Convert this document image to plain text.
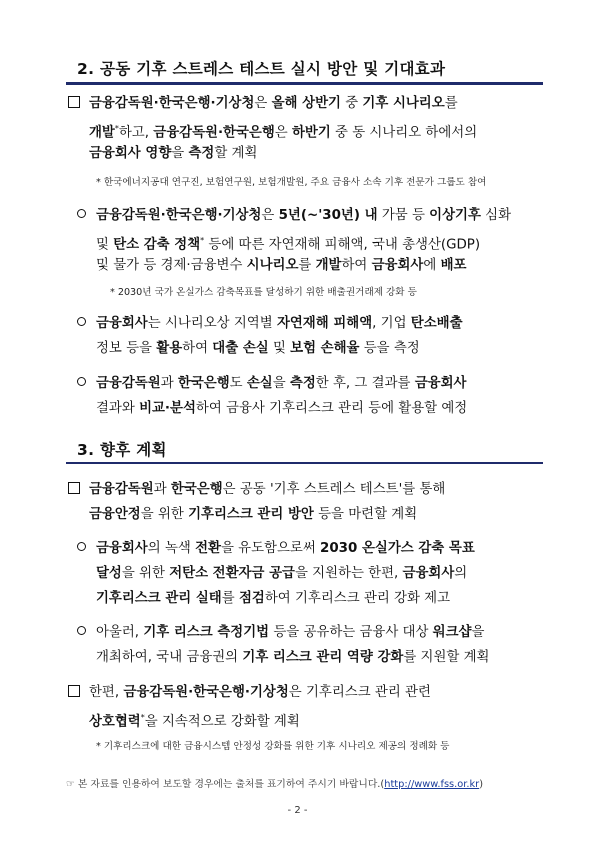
2. 공동 기후 스트레스 테스트 실시 방안 및 기대효과
금융감독원·한국은행·기상청은 올해 상반기 중 기후 시나리오를
개발*하고, 금융감독원·한국은행은 하반기 중 동 시나리오 하에서의
금융회사 영향을 측정할 계획
* 한국에너지공대 연구진, 보험연구원, 보험개발원, 주요 금융사 소속 기후 전문가 그룹도 참여
금융감독원·한국은행·기상청은 5년(~'30년) 내 가뭄 등 이상기후 심화
및 탄소 감축 정책* 등에 따른 자연재해 피해액, 국내 총생산(GDP)
및 물가 등 경제·금융변수 시나리오를 개발하여 금융회사에 배포
* 2030년 국가 온실가스 감축목표를 달성하기 위한 배출권거래제 강화 등
금융회사는 시나리오상 지역별 자연재해 피해액, 기업 탄소배출
정보 등을 활용하여 대출 손실 및 보험 손해율 등을 측정
금융감독원과 한국은행도 손실을 측정한 후, 그 결과를 금융회사
결과와 비교·분석하여 금융사 기후리스크 관리 등에 활용할 예정
3. 향후 계획
금융감독원과 한국은행은 공동 '기후 스트레스 테스트'를 통해
금융안정을 위한 기후리스크 관리 방안 등을 마련할 계획
금융회사의 녹색 전환을 유도함으로써 2030 온실가스 감축 목표
달성을 위한 저탄소 전환자금 공급을 지원하는 한편, 금융회사의
기후리스크 관리 실태를 점검하여 기후리스크 관리 강화 제고
아울러, 기후 리스크 측정기법 등을 공유하는 금융사 대상 워크샵을
개최하여, 국내 금융권의 기후 리스크 관리 역량 강화를 지원할 계획
한편, 금융감독원·한국은행·기상청은 기후리스크 관리 관련
상호협력*을 지속적으로 강화할 계획
* 기후리스크에 대한 금융시스템 안정성 강화를 위한 기후 시나리오 제공의 정례화 등
☞ 본 자료를 인용하여 보도할 경우에는 출처를 표기하여 주시기 바랍니다.(http://www.fss.or.kr)
- 2 -
